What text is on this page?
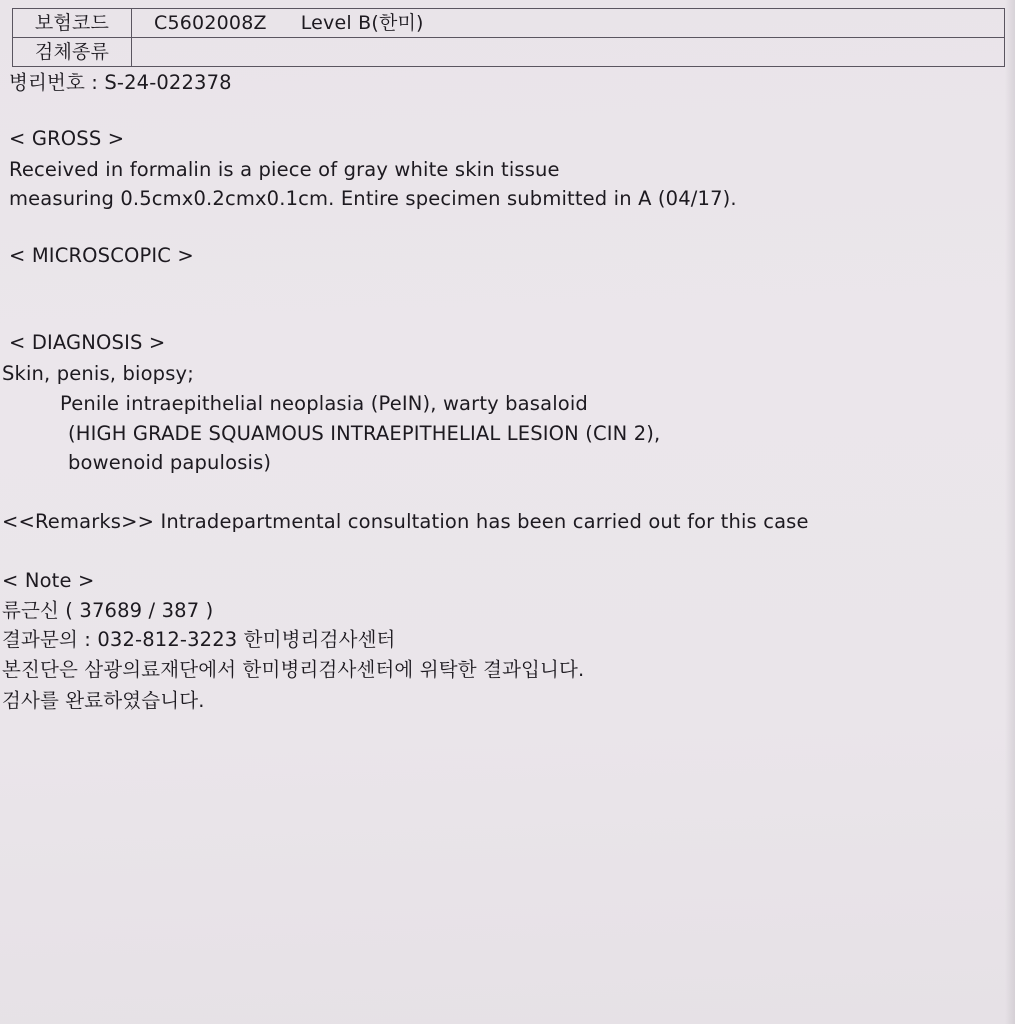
보험코드	C5602008Z Level B(한미)
검체종류	
병리번호 : S-24-022378
< GROSS >
Received in formalin is a piece of gray white skin tissue
measuring 0.5cmx0.2cmx0.1cm. Entire specimen submitted in A (04/17).
< MICROSCOPIC >
< DIAGNOSIS >
Skin, penis, biopsy;
Penile intraepithelial neoplasia (PeIN), warty basaloid
(HIGH GRADE SQUAMOUS INTRAEPITHELIAL LESION (CIN 2),
bowenoid papulosis)
<<Remarks>> Intradepartmental consultation has been carried out for this case
< Note >
류근신 ( 37689 / 387 )
결과문의 : 032-812-3223 한미병리검사센터
본진단은 삼광의료재단에서 한미병리검사센터에 위탁한 결과입니다.
검사를 완료하였습니다.
